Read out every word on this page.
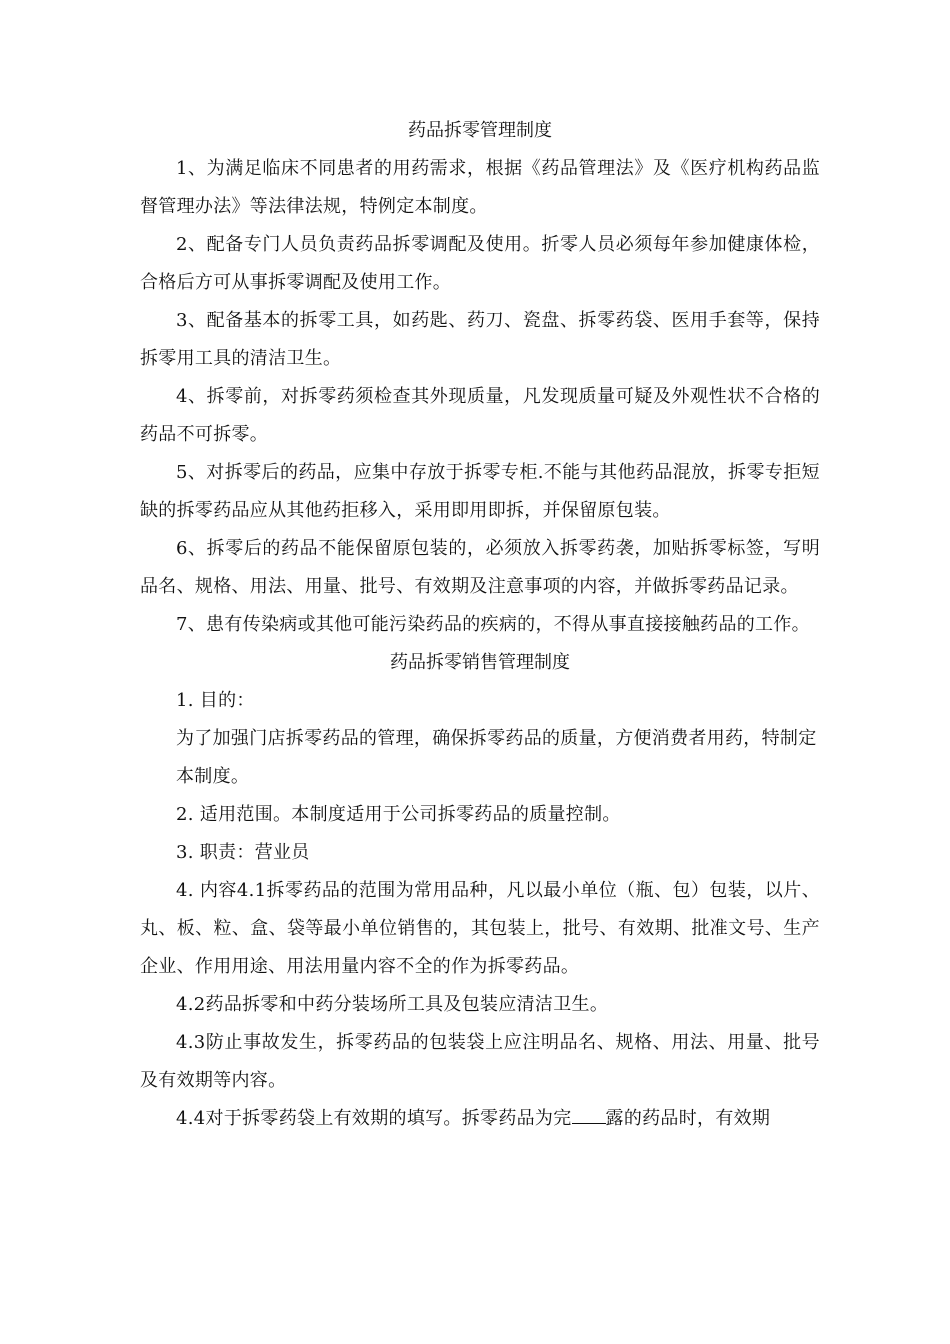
药品拆零管理制度

1、为满足临床不同患者的用药需求，根据《药品管理法》及《医疗机构药品监督管理办法》等法律法规，特例定本制度。

2、配备专门人员负责药品拆零调配及使用。折零人员必须每年参加健康体检，合格后方可从事拆零调配及使用工作。

3、配备基本的拆零工具，如药匙、药刀、瓷盘、拆零药袋、医用手套等，保持拆零用工具的清洁卫生。

4、拆零前，对拆零药须检查其外现质量，凡发现质量可疑及外观性状不合格的药品不可拆零。

5、对拆零后的药品，应集中存放于拆零专柜.不能与其他药品混放，拆零专拒短缺的拆零药品应从其他药拒移入，采用即用即拆，并保留原包装。

6、拆零后的药品不能保留原包装的，必须放入拆零药袭，加贴拆零标签，写明品名、规格、用法、用量、批号、有效期及注意事项的内容，并做拆零药品记录。

7、患有传染病或其他可能污染药品的疾病的，不得从事直接接触药品的工作。

药品拆零销售管理制度

1. 目的：

为了加强门店拆零药品的管理，确保拆零药品的质量，方便消费者用药，特制定

本制度。

2. 适用范围。本制度适用于公司拆零药品的质量控制。

3. 职责：营业员

4. 内容4.1拆零药品的范围为常用品种，凡以最小单位（瓶、包）包装，以片、丸、板、粒、盒、袋等最小单位销售的，其包装上，批号、有效期、批准文号、生产企业、作用用途、用法用量内容不全的作为拆零药品。

4.2药品拆零和中药分装场所工具及包装应清洁卫生。

4.3防止事故发生，拆零药品的包装袋上应注明品名、规格、用法、用量、批号及有效期等内容。

4.4对于拆零药袋上有效期的填写。拆零药品为完 露的药品时，有效期
